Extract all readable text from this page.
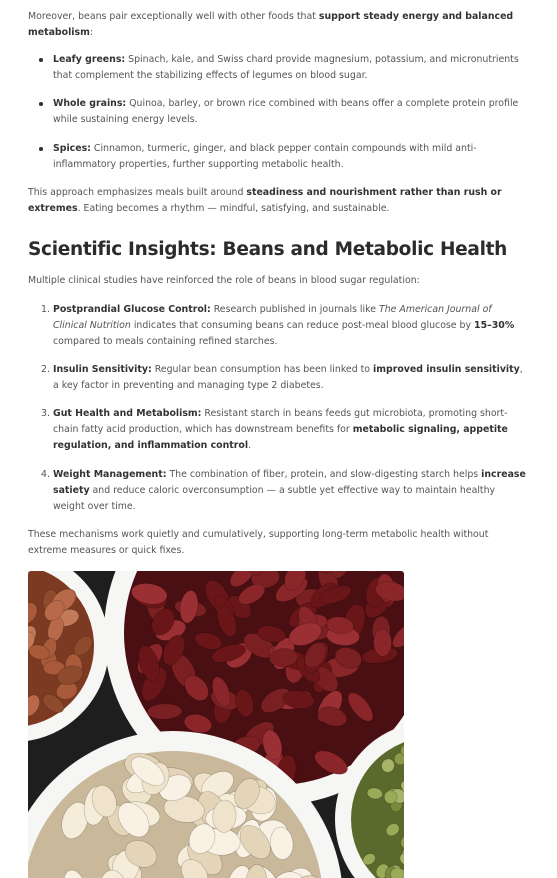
Moreover, beans pair exceptionally well with other foods that support steady energy and balanced metabolism:

Leafy greens: Spinach, kale, and Swiss chard provide magnesium, potassium, and micronutrients that complement the stabilizing effects of legumes on blood sugar.
Whole grains: Quinoa, barley, or brown rice combined with beans offer a complete protein profile while sustaining energy levels.
Spices: Cinnamon, turmeric, ginger, and black pepper contain compounds with mild anti-inflammatory properties, further supporting metabolic health.

This approach emphasizes meals built around steadiness and nourishment rather than rush or extremes. Eating becomes a rhythm — mindful, satisfying, and sustainable.

Scientific Insights: Beans and Metabolic Health

Multiple clinical studies have reinforced the role of beans in blood sugar regulation:

1. Postprandial Glucose Control: Research published in journals like The American Journal of Clinical Nutrition indicates that consuming beans can reduce post-meal blood glucose by 15–30% compared to meals containing refined starches.
2. Insulin Sensitivity: Regular bean consumption has been linked to improved insulin sensitivity, a key factor in preventing and managing type 2 diabetes.
3. Gut Health and Metabolism: Resistant starch in beans feeds gut microbiota, promoting short-chain fatty acid production, which has downstream benefits for metabolic signaling, appetite regulation, and inflammation control.
4. Weight Management: The combination of fiber, protein, and slow-digesting starch helps increase satiety and reduce caloric overconsumption — a subtle yet effective way to maintain healthy weight over time.

These mechanisms work quietly and cumulatively, supporting long-term metabolic health without extreme measures or quick fixes.
